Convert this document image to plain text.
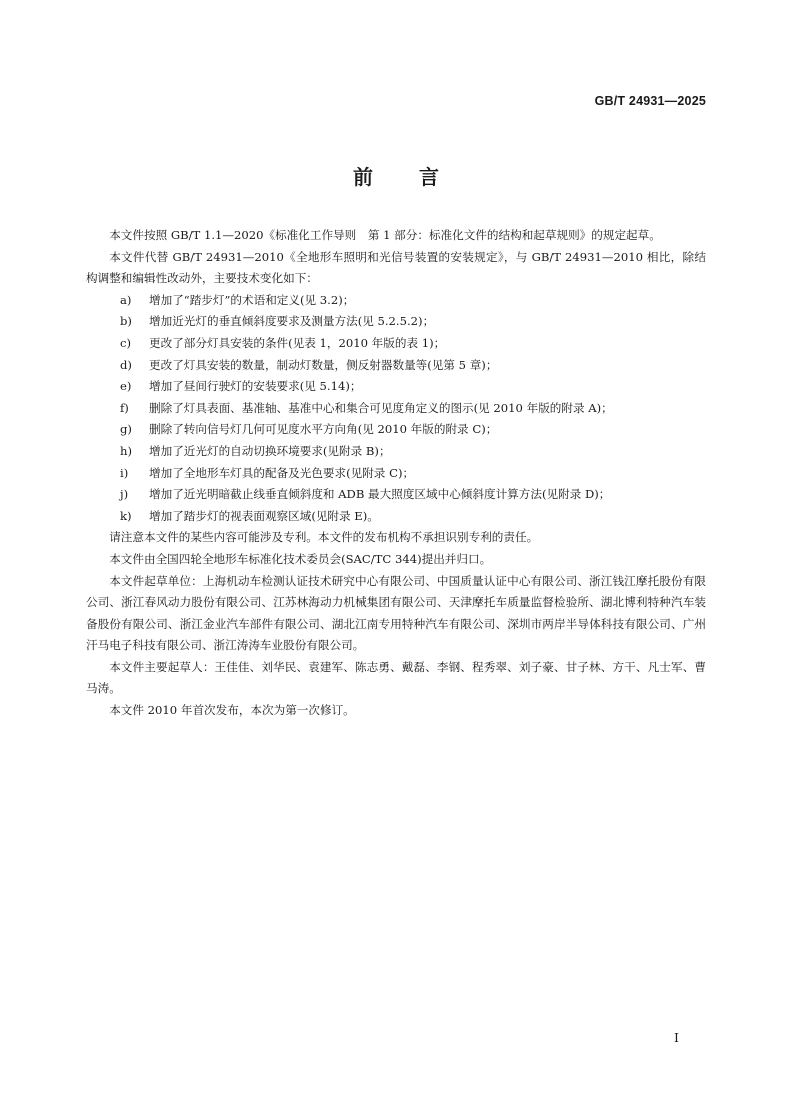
GB/T 24931—2025
前 言

本文件按照 GB/T 1.1—2020《标准化工作导则　第 1 部分：标准化文件的结构和起草规则》的规定起草。

本文件代替 GB/T 24931—2010《全地形车照明和光信号装置的安装规定》，与 GB/T 24931—2010 相比，除结构调整和编辑性改动外，主要技术变化如下：

a)	增加了“踏步灯”的术语和定义(见 3.2)；
b)	增加近光灯的垂直倾斜度要求及测量方法(见 5.2.5.2)；
c)	更改了部分灯具安装的条件(见表 1，2010 年版的表 1)；
d)	更改了灯具安装的数量，制动灯数量，侧反射器数量等(见第 5 章)；
e)	增加了昼间行驶灯的安装要求(见 5.14)；
f)	删除了灯具表面、基准轴、基准中心和集合可见度角定义的图示(见 2010 年版的附录 A)；
g)	删除了转向信号灯几何可见度水平方向角(见 2010 年版的附录 C)；
h)	增加了近光灯的自动切换环境要求(见附录 B)；
i)	增加了全地形车灯具的配备及光色要求(见附录 C)；
j)	增加了近光明暗截止线垂直倾斜度和 ADB 最大照度区域中心倾斜度计算方法(见附录 D)；
k)	增加了踏步灯的视表面观察区域(见附录 E)。

请注意本文件的某些内容可能涉及专利。本文件的发布机构不承担识别专利的责任。

本文件由全国四轮全地形车标准化技术委员会(SAC/TC 344)提出并归口。

本文件起草单位：上海机动车检测认证技术研究中心有限公司、中国质量认证中心有限公司、浙江钱江摩托股份有限公司、浙江春风动力股份有限公司、江苏林海动力机械集团有限公司、天津摩托车质量监督检验所、湖北博利特种汽车装备股份有限公司、浙江金业汽车部件有限公司、湖北江南专用特种汽车有限公司、深圳市两岸半导体科技有限公司、广州汗马电子科技有限公司、浙江涛涛车业股份有限公司。

本文件主要起草人：王佳佳、刘华民、袁建军、陈志勇、戴磊、李钢、程秀翠、刘子豪、甘子林、方干、凡士军、曹马涛。

本文件 2010 年首次发布，本次为第一次修订。

I
